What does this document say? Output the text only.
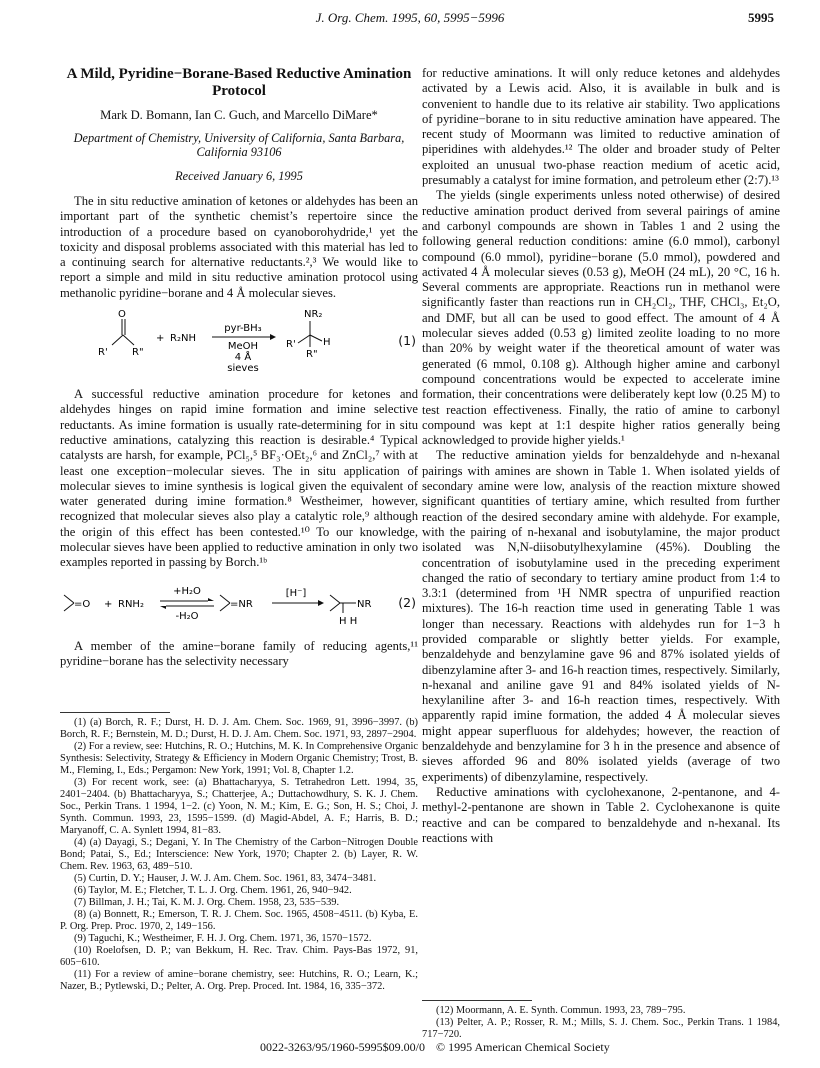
J. Org. Chem. 1995, 60, 5995−5996	5995
A Mild, Pyridine−Borane-Based Reductive Amination Protocol
Mark D. Bomann, Ian C. Guch, and Marcello DiMare*
Department of Chemistry, University of California, Santa Barbara, California 93106
Received January 6, 1995

The in situ reductive amination of ketones or aldehydes has been an important part of the synthetic chemist’s repertoire since the introduction of a procedure based on cyanoborohydride,¹ yet the toxicity and disposal problems associated with this material has led to a continuing search for alternative reductants.²,³ We would like to report a simple and mild in situ reductive amination protocol using methanolic pyridine−borane and 4 Å molecular sieves.

O
R' R"
+ R₂NH
pyr-BH₃
MeOH
4 Å
sieves
NR₂
R'
R"
H	(1)

A successful reductive amination procedure for ketones and aldehydes hinges on rapid imine formation and imine selective reductants. As imine formation is usually rate-determining for in situ reductive aminations, catalyzing this reaction is desirable.⁴ Typical catalysts are harsh, for example, PCl₅,⁵ BF₃·OEt₂,⁶ and ZnCl₂,⁷ with at least one exception−molecular sieves. The in situ application of molecular sieves to imine synthesis is logical given the equivalent of water generated during imine formation.⁸ Westheimer, however, recognized that molecular sieves also play a catalytic role,⁹ although the origin of this effect has been contested.¹⁰ To our knowledge, molecular sieves have been applied to reductive amination in only two examples reported in passing by Borch.¹ᵇ

=O + RNH₂
+H₂O
-H₂O
=NR
[H⁻]
NR
H H
(2)

A member of the amine−borane family of reducing agents,¹¹ pyridine−borane has the selectivity necessary

(1) (a) Borch, R. F.; Durst, H. D. J. Am. Chem. Soc. 1969, 91, 3996−3997. (b) Borch, R. F.; Bernstein, M. D.; Durst, H. D. J. Am. Chem. Soc. 1971, 93, 2897−2904.

(2) For a review, see: Hutchins, R. O.; Hutchins, M. K. In Comprehensive Organic Synthesis: Selectivity, Strategy & Efficiency in Modern Organic Chemistry; Trost, B. M., Fleming, I., Eds.; Pergamon: New York, 1991; Vol. 8, Chapter 1.2.

(3) For recent work, see: (a) Bhattacharyya, S. Tetrahedron Lett. 1994, 35, 2401−2404. (b) Bhattacharyya, S.; Chatterjee, A.; Duttachowdhury, S. K. J. Chem. Soc., Perkin Trans. 1 1994, 1−2. (c) Yoon, N. M.; Kim, E. G.; Son, H. S.; Choi, J. Synth. Commun. 1993, 23, 1595−1599. (d) Magid-Abdel, A. F.; Harris, B. D.; Maryanoff, C. A. Synlett 1994, 81−83.

(4) (a) Dayagi, S.; Degani, Y. In The Chemistry of the Carbon−Nitrogen Double Bond; Patai, S., Ed.; Interscience: New York, 1970; Chapter 2. (b) Layer, R. W. Chem. Rev. 1963, 63, 489−510.

(5) Curtin, D. Y.; Hauser, J. W. J. Am. Chem. Soc. 1961, 83, 3474−3481.

(6) Taylor, M. E.; Fletcher, T. L. J. Org. Chem. 1961, 26, 940−942.

(7) Billman, J. H.; Tai, K. M. J. Org. Chem. 1958, 23, 535−539.

(8) (a) Bonnett, R.; Emerson, T. R. J. Chem. Soc. 1965, 4508−4511. (b) Kyba, E. P. Org. Prep. Proc. 1970, 2, 149−156.

(9) Taguchi, K.; Westheimer, F. H. J. Org. Chem. 1971, 36, 1570−1572.

(10) Roelofsen, D. P.; van Bekkum, H. Rec. Trav. Chim. Pays-Bas 1972, 91, 605−610.

(11) For a review of amine−borane chemistry, see: Hutchins, R. O.; Learn, K.; Nazer, B.; Pytlewski, D.; Pelter, A. Org. Prep. Proced. Int. 1984, 16, 335−372.

for reductive aminations. It will only reduce ketones and aldehydes activated by a Lewis acid. Also, it is available in bulk and is convenient to handle due to its relative air stability. Two applications of pyridine−borane to in situ reductive amination have appeared. The recent study of Moormann was limited to reductive amination of piperidines with aldehydes.¹² The older and broader study of Pelter exploited an unusual two-phase reaction medium of acetic acid, presumably a catalyst for imine formation, and petroleum ether (2:7).¹³

The yields (single experiments unless noted otherwise) of desired reductive amination product derived from several pairings of amine and carbonyl compounds are shown in Tables 1 and 2 using the following general reduction conditions: amine (6.0 mmol), carbonyl compound (6.0 mmol), pyridine−borane (5.0 mmol), powdered and activated 4 Å molecular sieves (0.53 g), MeOH (24 mL), 20 °C, 16 h. Several comments are appropriate. Reactions run in methanol were significantly faster than reactions run in CH₂Cl₂, THF, CHCl₃, Et₂O, and DMF, but all can be used to good effect. The amount of 4 Å molecular sieves added (0.53 g) limited zeolite loading to no more than 20% by weight water if the theoretical amount of water was generated (6 mmol, 0.108 g). Although higher amine and carbonyl compound concentrations would be expected to accelerate imine formation, their concentrations were deliberately kept low (0.25 M) to test reaction effectiveness. Finally, the ratio of amine to carbonyl compound was kept at 1:1 despite higher ratios generally being acknowledged to provide higher yields.¹

The reductive amination yields for benzaldehyde and n-hexanal pairings with amines are shown in Table 1. When isolated yields of secondary amine were low, analysis of the reaction mixture showed significant quantities of tertiary amine, which resulted from further reaction of the desired secondary amine with aldehyde. For example, with the pairing of n-hexanal and isobutylamine, the major product isolated was N,N-diisobutylhexylamine (45%). Doubling the concentration of isobutylamine used in the preceding experiment changed the ratio of secondary to tertiary amine product from 1:4 to 3.3:1 (determined from ¹H NMR spectra of unpurified reaction mixtures). The 16-h reaction time used in generating Table 1 was longer than necessary. Reactions with aldehydes run for 1−3 h provided comparable or slightly better yields. For example, benzaldehyde and benzylamine gave 96 and 87% isolated yields of dibenzylamine after 3- and 16-h reaction times, respectively. Similarly, n-hexanal and aniline gave 91 and 84% isolated yields of N-hexylaniline after 3- and 16-h reaction times, respectively. With apparently rapid imine formation, the added 4 Å molecular sieves might appear superfluous for aldehydes; however, the reaction of benzaldehyde and benzylamine for 3 h in the presence and absence of sieves afforded 96 and 80% isolated yields (average of two experiments) of dibenzylamine, respectively.

Reductive aminations with cyclohexanone, 2-pentanone, and 4-methyl-2-pentanone are shown in Table 2. Cyclohexanone is quite reactive and can be compared to benzaldehyde and n-hexanal. Its reactions with

(12) Moormann, A. E. Synth. Commun. 1993, 23, 789−795.

(13) Pelter, A. P.; Rosser, R. M.; Mills, S. J. Chem. Soc., Perkin Trans. 1 1984, 717−720.

0022-3263/95/1960-5995$09.00/0 © 1995 American Chemical Society
